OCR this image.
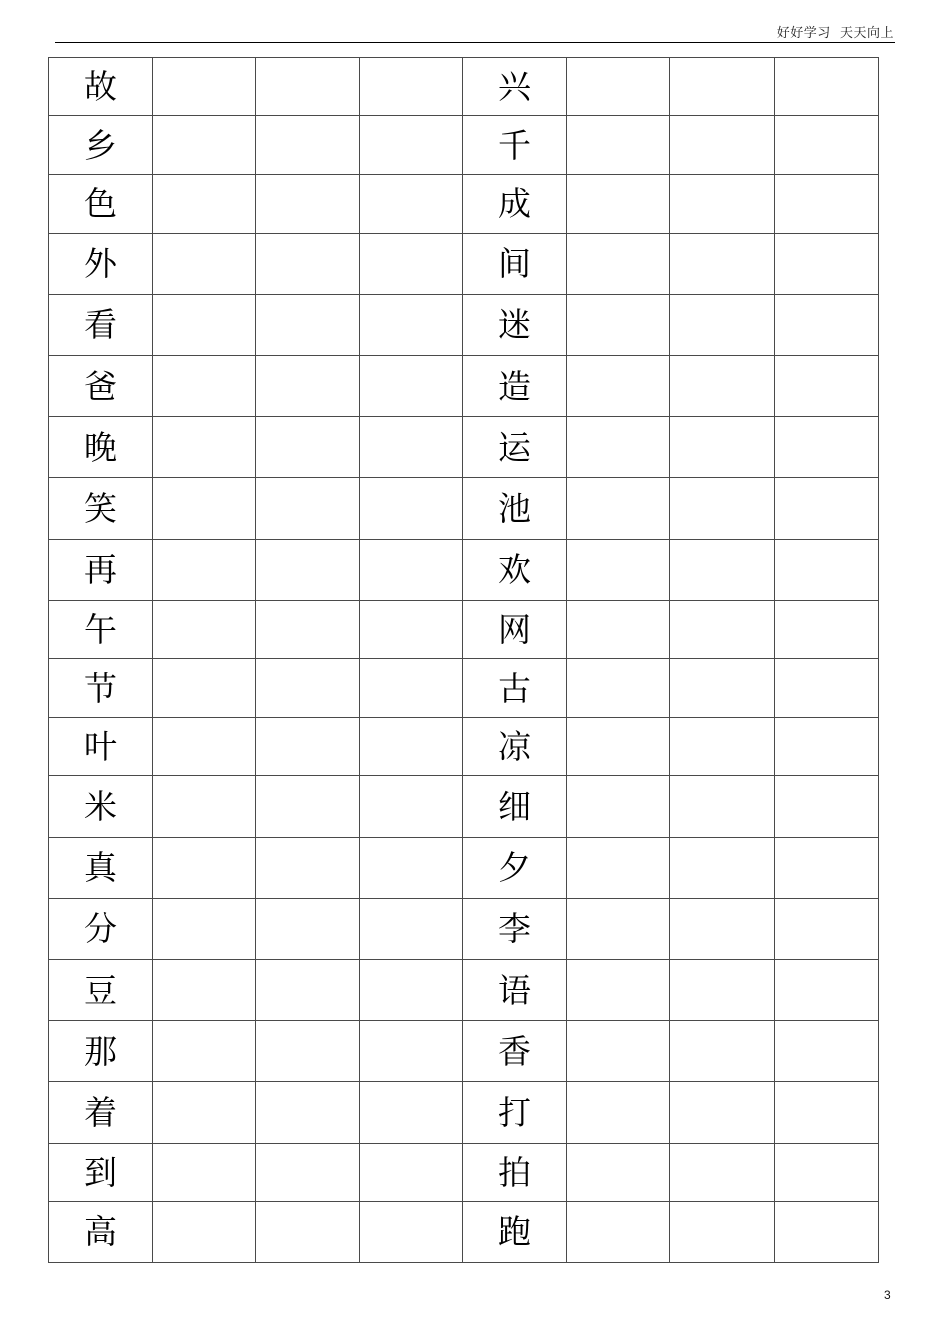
好好学习  天天向上
故				兴			
乡				千			
色				成			
外				间			
看				迷			
爸				造			
晚				运			
笑				池			
再				欢			
午				网			
节				古			
叶				凉			
米				细			
真				夕			
分				李			
豆				语			
那				香			
着				打			
到				拍			
高				跑			
3
